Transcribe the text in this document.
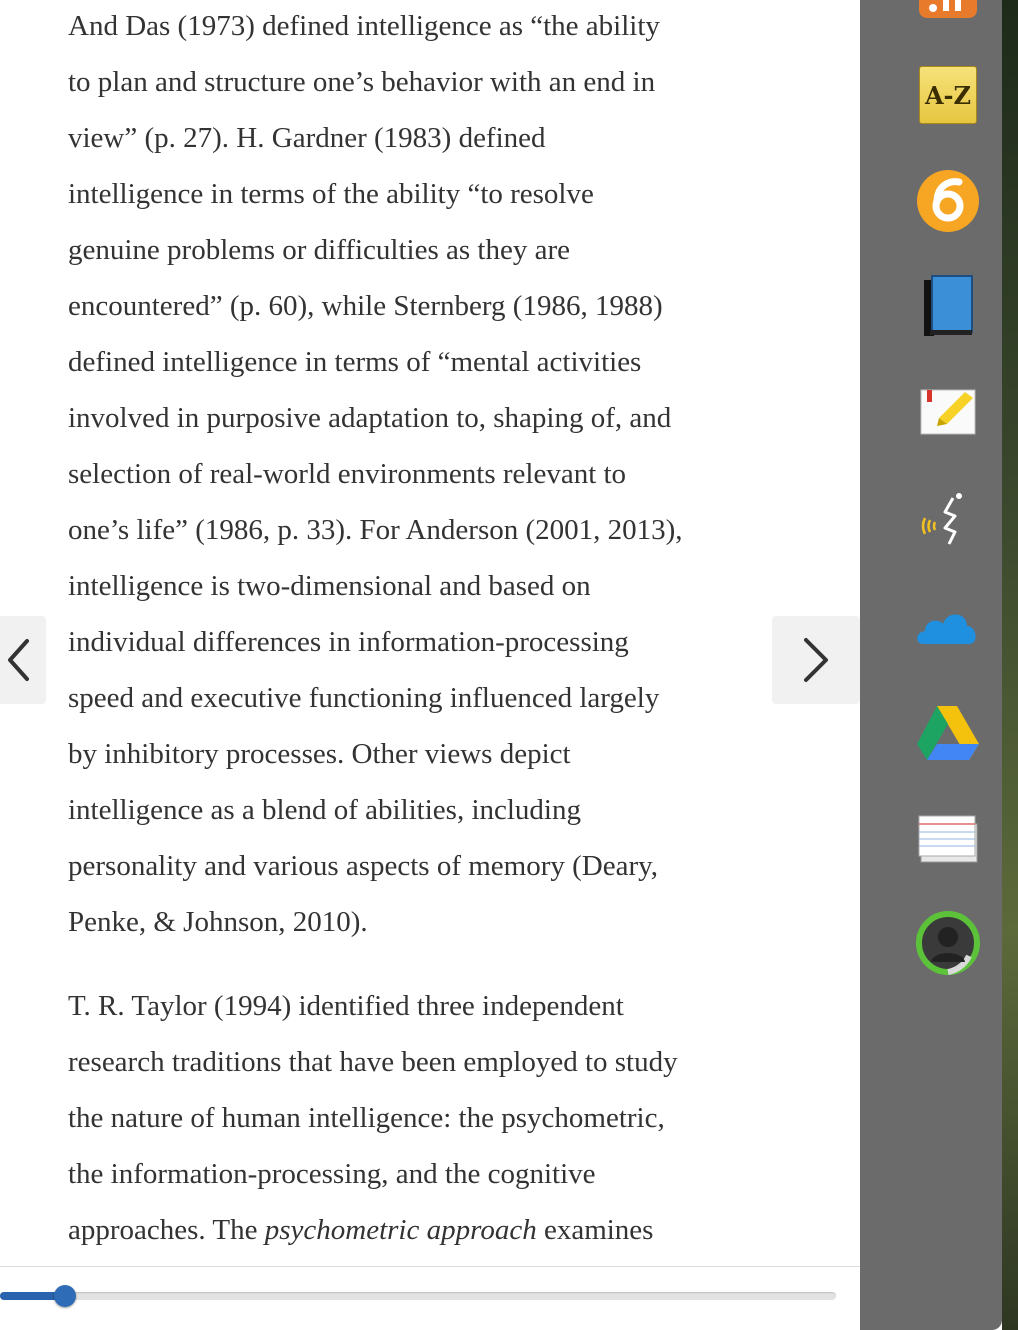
And Das (1973) defined intelligence as “the ability
to plan and structure one’s behavior with an end in
view” (p. 27). H. Gardner (1983) defined
intelligence in terms of the ability “to resolve
genuine problems or difficulties as they are
encountered” (p. 60), while Sternberg (1986, 1988)
defined intelligence in terms of “mental activities
involved in purposive adaptation to, shaping of, and
selection of real-world environments relevant to
one’s life” (1986, p. 33). For Anderson (2001, 2013),
intelligence is two-dimensional and based on
individual differences in information-processing
speed and executive functioning influenced largely
by inhibitory processes. Other views depict
intelligence as a blend of abilities, including
personality and various aspects of memory (Deary,
Penke, & Johnson, 2010).
T. R. Taylor (1994) identified three independent
research traditions that have been employed to study
the nature of human intelligence: the psychometric,
the information-processing, and the cognitive
approaches. The psychometric approach examines
A-Z
